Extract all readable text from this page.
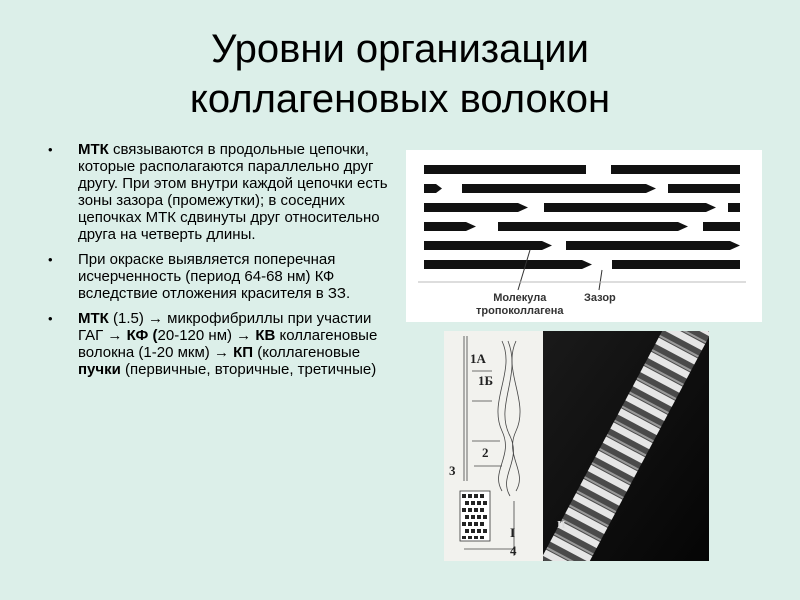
Уровни организации
коллагеновых волокон
• МТК связываются в продольные цепочки, которые располагаются параллельно друг другу. При этом внутри каждой цепочки есть зоны зазора (промежутки); в соседних цепочках МТК сдвинуты друг относительно друга на четверть длины.
• При окраске выявляется поперечная исчерченность (период 64-68 нм) КФ вследствие отложения красителя в ЗЗ.
• МТК (1.5) → микрофибриллы при участии ГАГ → КФ (20-120 нм) → КВ коллагеновые волокна (1-20 мкм) → КП (коллагеновые пучки (первичные, вторичные, третичные)
Молекула
тропоколлагена
Зазор
1А
1Б
2
3
4
I	II
